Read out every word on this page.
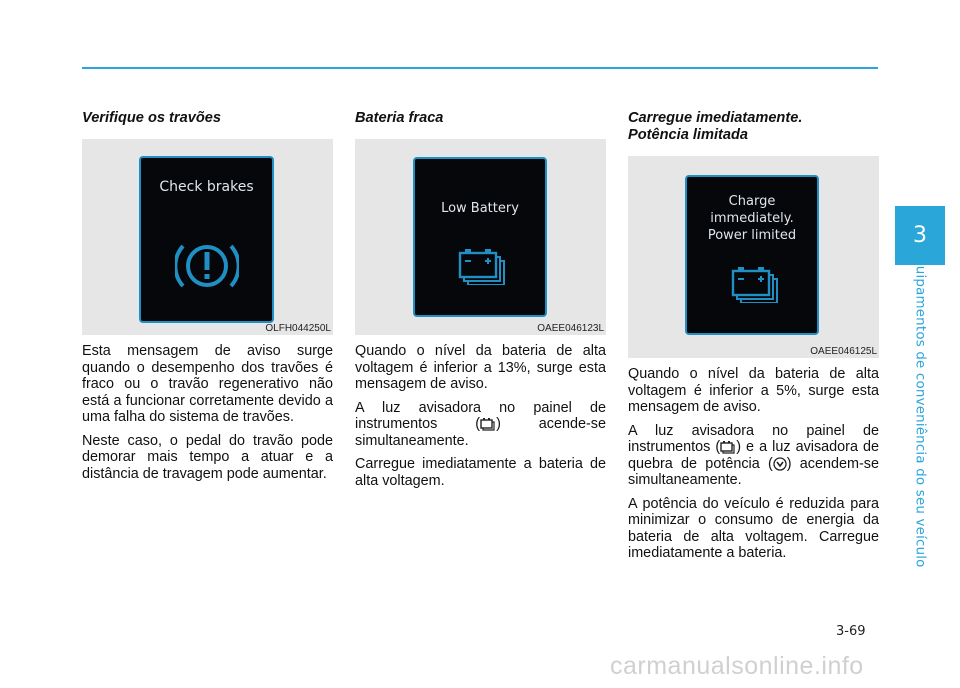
Verifique os travões
Check brakes
OLFH044250L

Esta mensagem de aviso surge quando o desempenho dos travões é fraco ou o travão regenerativo não está a funcionar corretamente devido a uma falha do sistema de travões.

Neste caso, o pedal do travão pode demorar mais tempo a atuar e a distância de travagem pode aumentar.

Bateria fraca
Low Battery
OAEE046123L

Quando o nível da bateria de alta voltagem é inferior a 13%, surge esta mensagem de aviso.

A luz avisadora no painel de instrumentos ( ) acende-se simultaneamente.

Carregue imediatamente a bateria de alta voltagem.

Carregue imediatamente.
Potência limitada
Charge
immediately.
Power limited
OAEE046125L

Quando o nível da bateria de alta voltagem é inferior a 5%, surge esta mensagem de aviso.

A luz avisadora no painel de instrumentos ( ) e a luz avisadora de quebra de potência ( ) acendem-se simultaneamente.

A potência do veículo é reduzida para minimizar o consumo de energia da bateria de alta voltagem. Carregue imediatamente a bateria.

3
Equipamentos de conveniência do seu veículo
3-69
carmanualsonline.info
